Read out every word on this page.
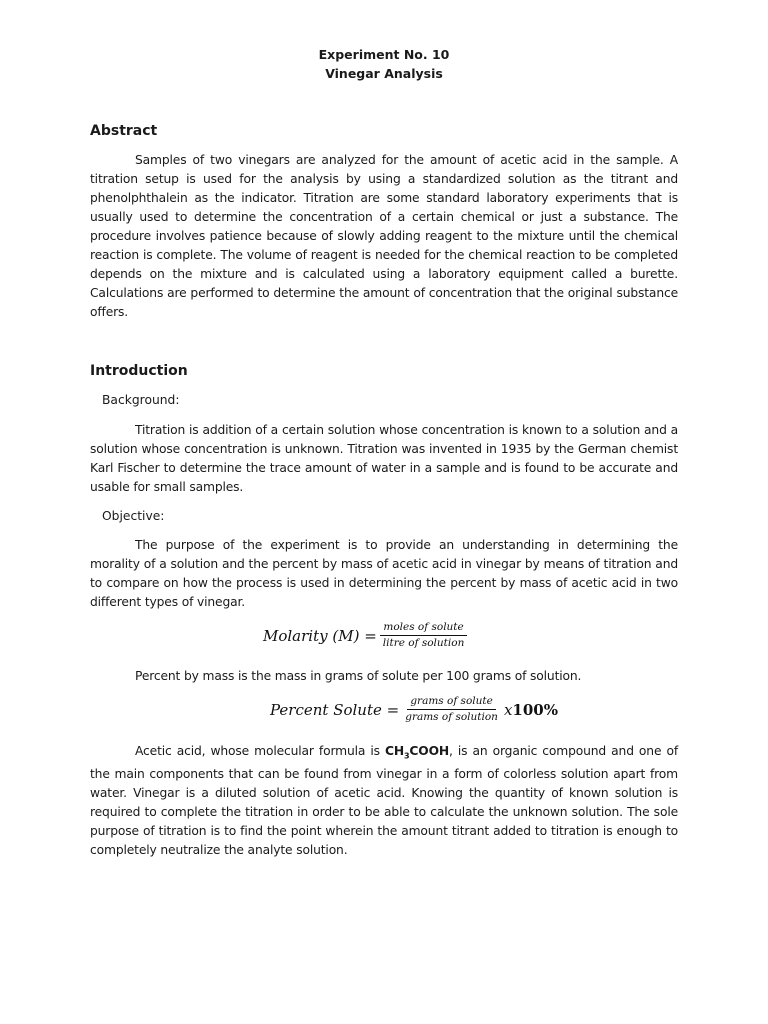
Experiment No. 10
Vinegar Analysis
Abstract

Samples of two vinegars are analyzed for the amount of acetic acid in the sample. A titration setup is used for the analysis by using a standardized solution as the titrant and phenolphthalein as the indicator. Titration are some standard laboratory experiments that is usually used to determine the concentration of a certain chemical or just a substance. The procedure involves patience because of slowly adding reagent to the mixture until the chemical reaction is complete. The volume of reagent is needed for the chemical reaction to be completed depends on the mixture and is calculated using a laboratory equipment called a burette. Calculations are performed to determine the amount of concentration that the original substance offers.

Introduction
Background:

Titration is addition of a certain solution whose concentration is known to a solution and a solution whose concentration is unknown. Titration was invented in 1935 by the German chemist Karl Fischer to determine the trace amount of water in a sample and is found to be accurate and usable for small samples.

Objective:

The purpose of the experiment is to provide an understanding in determining the morality of a solution and the percent by mass of acetic acid in vinegar by means of titration and to compare on how the process is used in determining the percent by mass of acetic acid in two different types of vinegar.

Molarity $(M) = \frac{\text{moles of solute}}{\text{litre of solution}}$

Percent by mass is the mass in grams of solute per 100 grams of solution.

Percent Solute = $\frac{\text{grams of solute}}{\text{grams of solution}} x100\%$

Acetic acid, whose molecular formula is $CH_3COOH$, is an organic compound and one of the main components that can be found from vinegar in a form of colorless solution apart from water. Vinegar is a diluted solution of acetic acid. Knowing the quantity of known solution is required to complete the titration in order to be able to calculate the unknown solution. The sole purpose of titration is to find the point wherein the amount titrant added to titration is enough to completely neutralize the analyte solution.
